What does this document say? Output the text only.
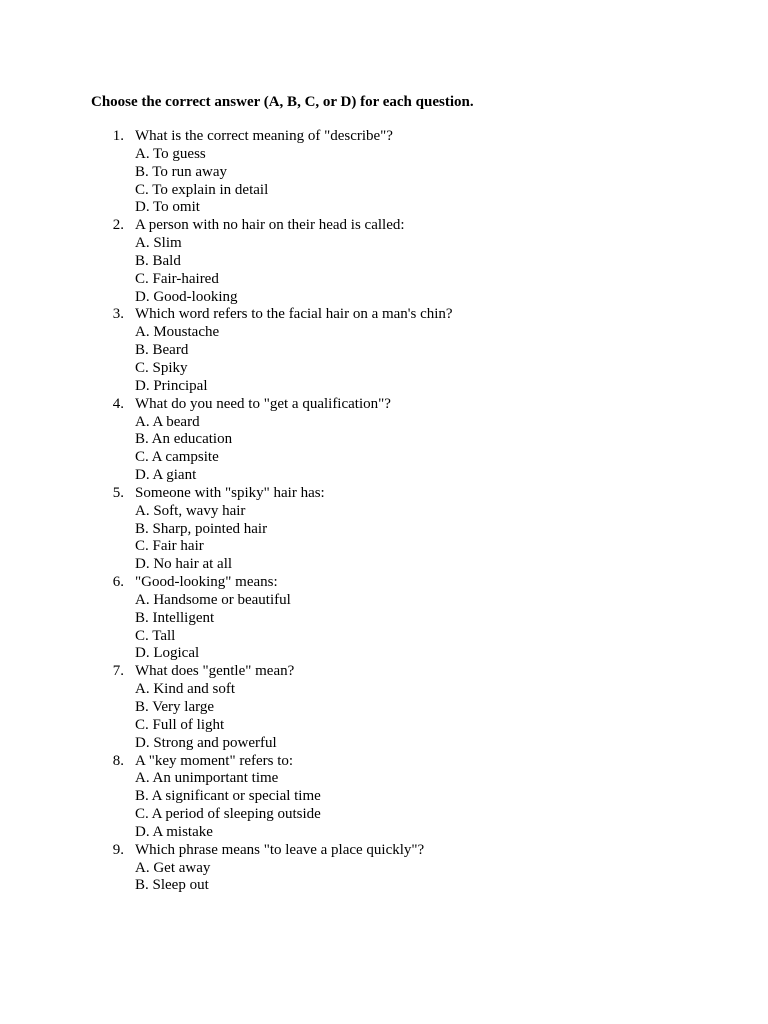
Choose the correct answer (A, B, C, or D) for each question.
1. What is the correct meaning of "describe"?
A. To guess
B. To run away
C. To explain in detail
D. To omit
2. A person with no hair on their head is called:
A. Slim
B. Bald
C. Fair-haired
D. Good-looking
3. Which word refers to the facial hair on a man's chin?
A. Moustache
B. Beard
C. Spiky
D. Principal
4. What do you need to "get a qualification"?
A. A beard
B. An education
C. A campsite
D. A giant
5. Someone with "spiky" hair has:
A. Soft, wavy hair
B. Sharp, pointed hair
C. Fair hair
D. No hair at all
6. "Good-looking" means:
A. Handsome or beautiful
B. Intelligent
C. Tall
D. Logical
7. What does "gentle" mean?
A. Kind and soft
B. Very large
C. Full of light
D. Strong and powerful
8. A "key moment" refers to:
A. An unimportant time
B. A significant or special time
C. A period of sleeping outside
D. A mistake
9. Which phrase means "to leave a place quickly"?
A. Get away
B. Sleep out
